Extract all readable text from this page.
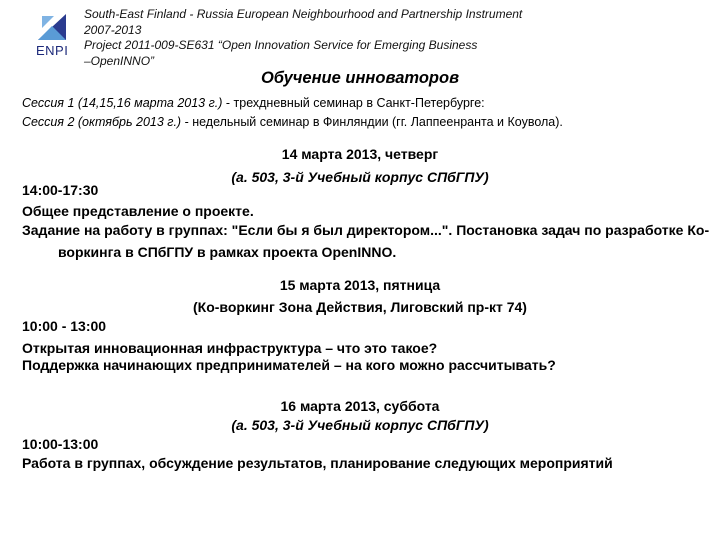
ENPI
South-East Finland - Russia European Neighbourhood and Partnership Instrument
2007-2013
Project 2011-009-SE631 “Open Innovation Service for Emerging Business
–OpenINNO”
Обучение инноваторов
Сессия 1 (14,15,16 марта 2013 г.) - трехдневный семинар в Санкт-Петербурге:
Сессия 2 (октябрь 2013 г.) - недельный семинар в Финляндии (гг. Лаппеенранта и Коувола).
14 марта 2013, четверг
(а. 503, 3-й Учебный корпус СПбГПУ)
14:00-17:30
Общее представление о проекте.
Задание на работу в группах: "Если бы я был директором...". Постановка задач по разработке Ко-воркинга в СПбГПУ в рамках проекта OpenINNO.
15 марта 2013, пятница
(Ко-воркинг Зона Действия, Лиговский пр-кт 74)
10:00 - 13:00
Открытая инновационная инфраструктура – что это такое?
Поддержка начинающих предпринимателей – на кого можно рассчитывать?
16 марта 2013, суббота
(а. 503, 3-й Учебный корпус СПбГПУ)
10:00-13:00
Работа в группах, обсуждение результатов, планирование следующих мероприятий
